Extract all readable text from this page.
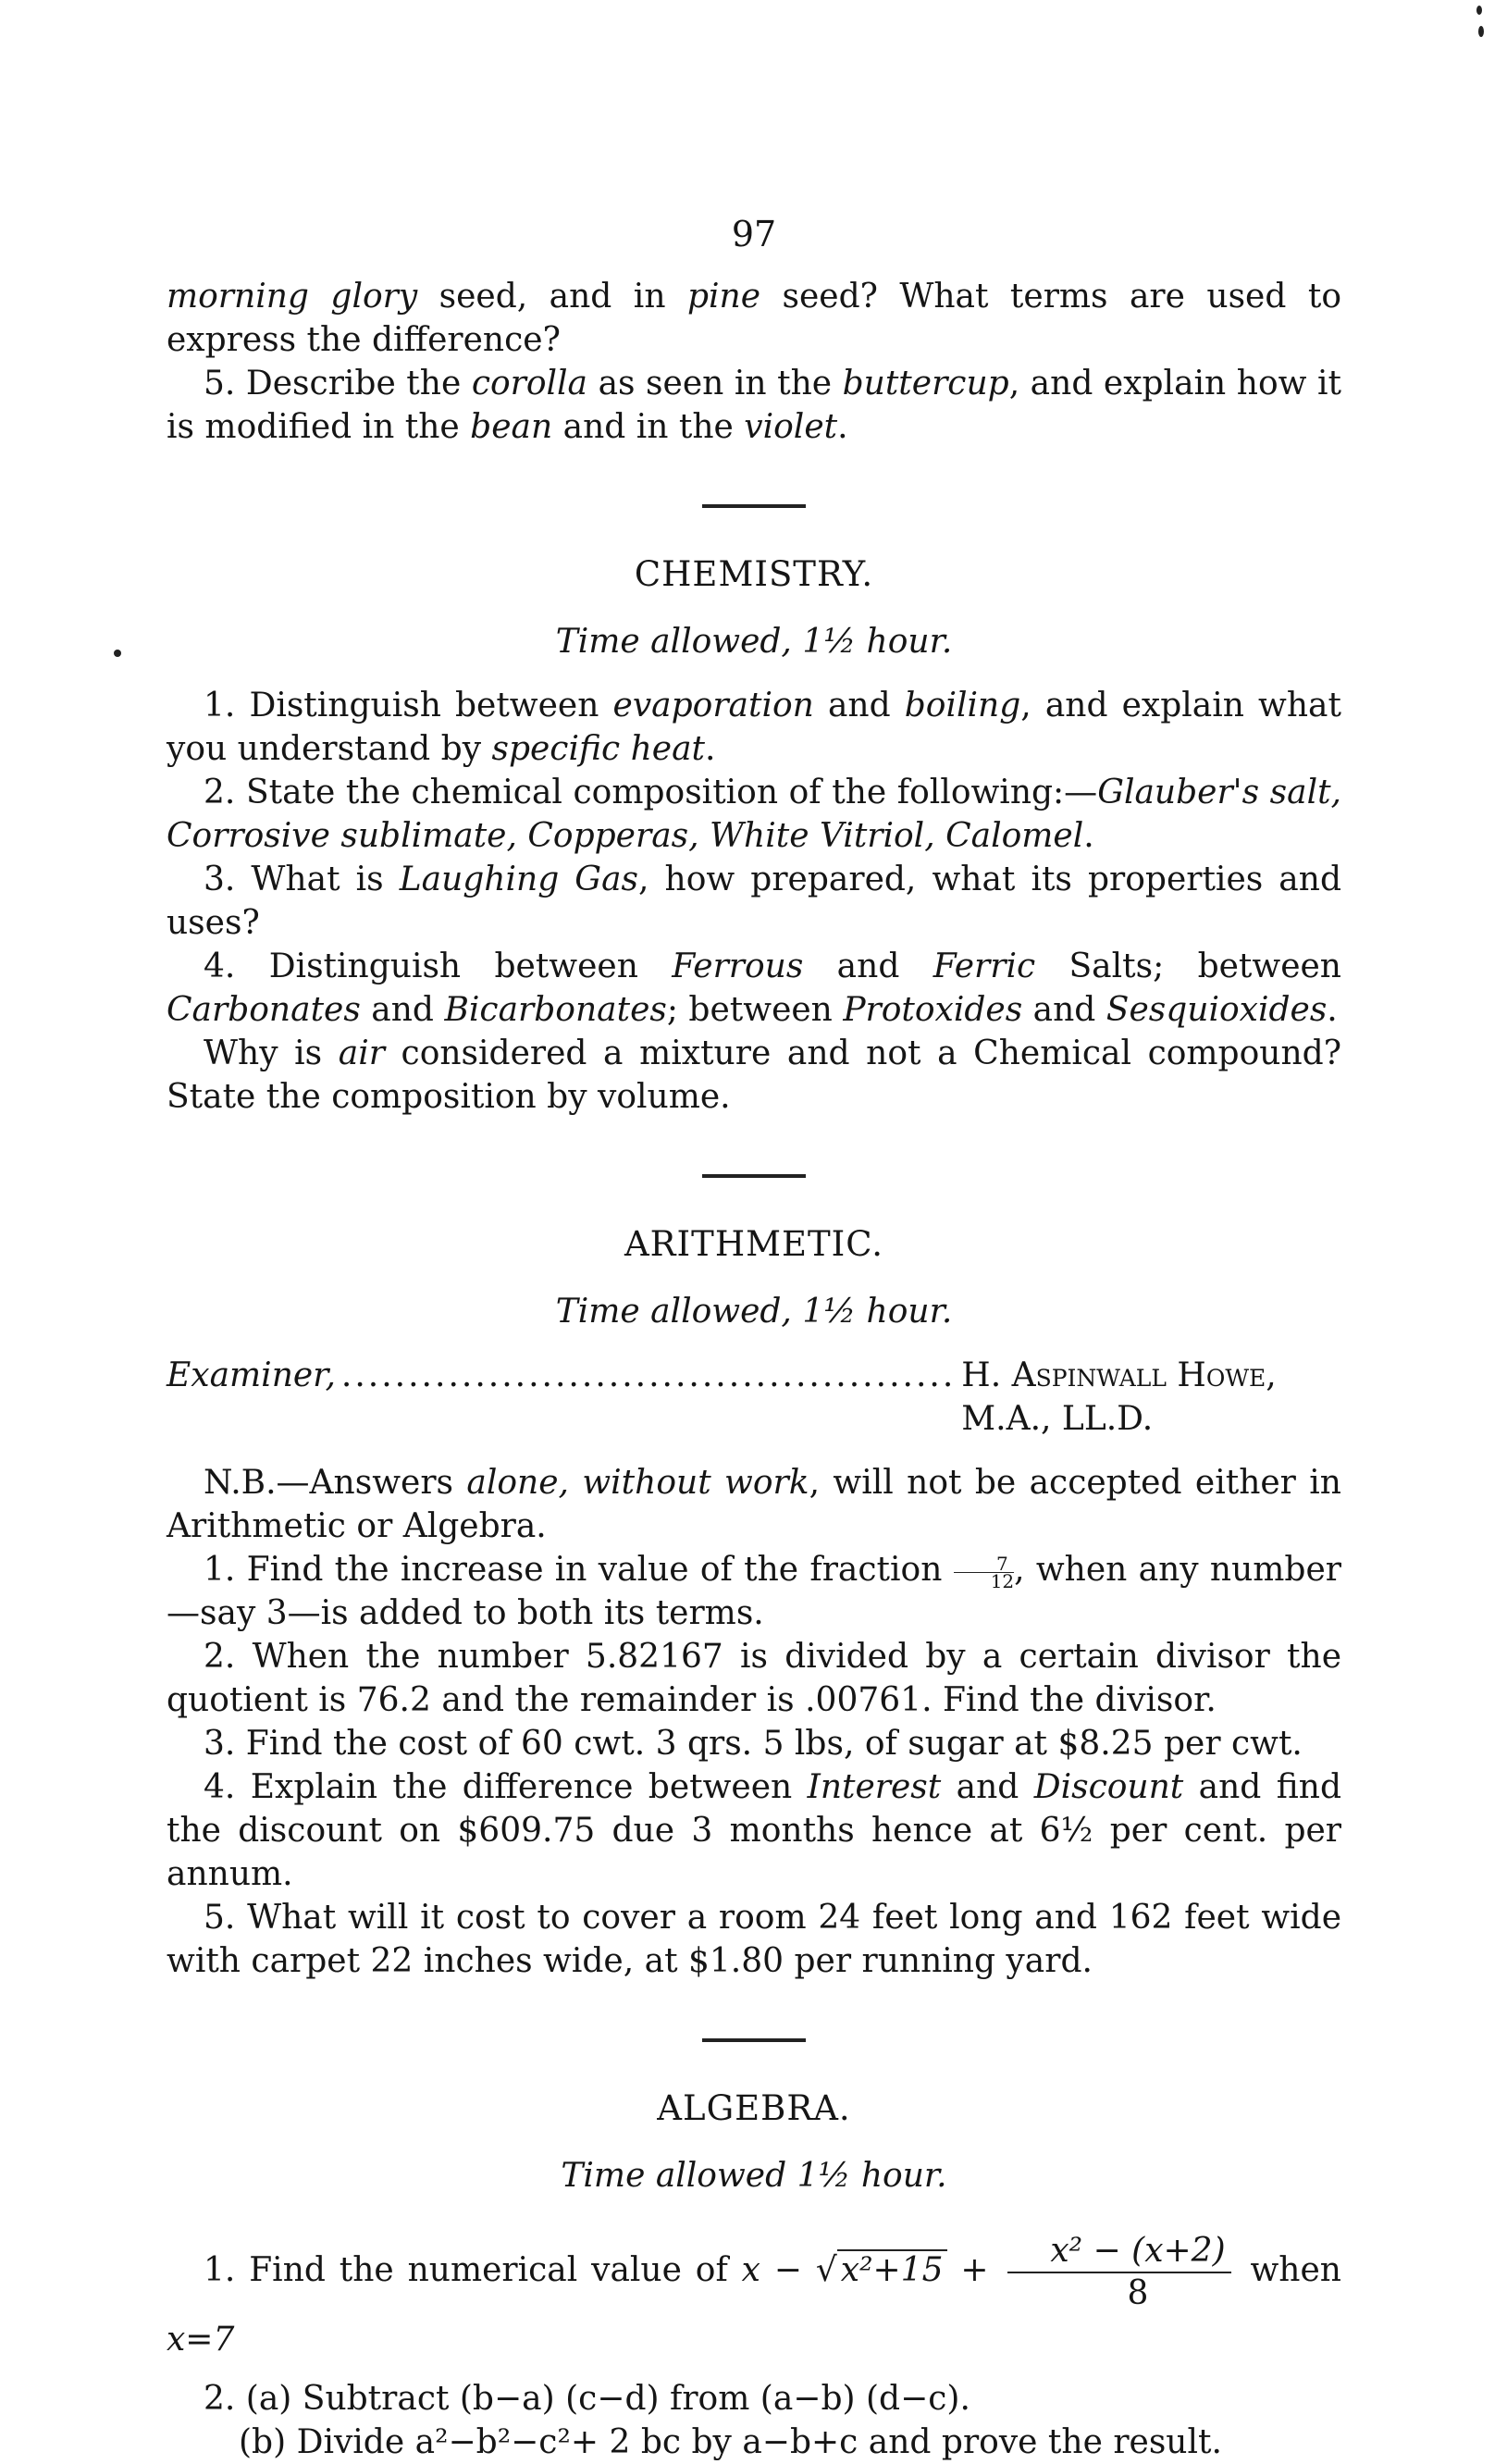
97

morning glory seed, and in pine seed? What terms are used to express the difference?

5. Describe the corolla as seen in the buttercup, and explain how it is modified in the bean and in the violet.

CHEMISTRY.
Time allowed, 1½ hour.

1. Distinguish between evaporation and boiling, and explain what you understand by specific heat.

2. State the chemical composition of the following:—Glauber's salt, Corrosive sublimate, Copperas, White Vitriol, Calomel.

3. What is Laughing Gas, how prepared, what its properties and uses?

4. Distinguish between Ferrous and Ferric Salts; between Carbonates and Bicarbonates; between Protoxides and Sesquioxides.

Why is air considered a mixture and not a Chemical compound? State the composition by volume.

ARITHMETIC.
Time allowed, 1½ hour.
Examiner, .............................................. H. Aspinwall Howe, M.A., LL.D.

N.B.—Answers alone, without work, will not be accepted either in Arithmetic or Algebra.

1. Find the increase in value of the fraction $\frac{7}{12}$ , when any number—say 3—is added to both its terms.

2. When the number 5.82167 is divided by a certain divisor the quotient is 76.2 and the remainder is .00761. Find the divisor.

3. Find the cost of 60 cwt. 3 qrs. 5 lbs, of sugar at $8.25 per cwt.

4. Explain the difference between Interest and Discount and find the discount on $609.75 due 3 months hence at 6½ per cent. per annum.

5. What will it cost to cover a room 24 feet long and 162 feet wide with carpet 22 inches wide, at $1.80 per running yard.

ALGEBRA.
Time allowed 1½ hour.

1. Find the numerical value of x − √ $x^2+15 + \frac{\text{x² − (x+2)}}{8}$ when x=7

2. (a) Subtract (b−a) (c−d) from (a−b) (d−c).

(b) Divide a²−b²−c²+ 2 bc by a−b+c and prove the result.
